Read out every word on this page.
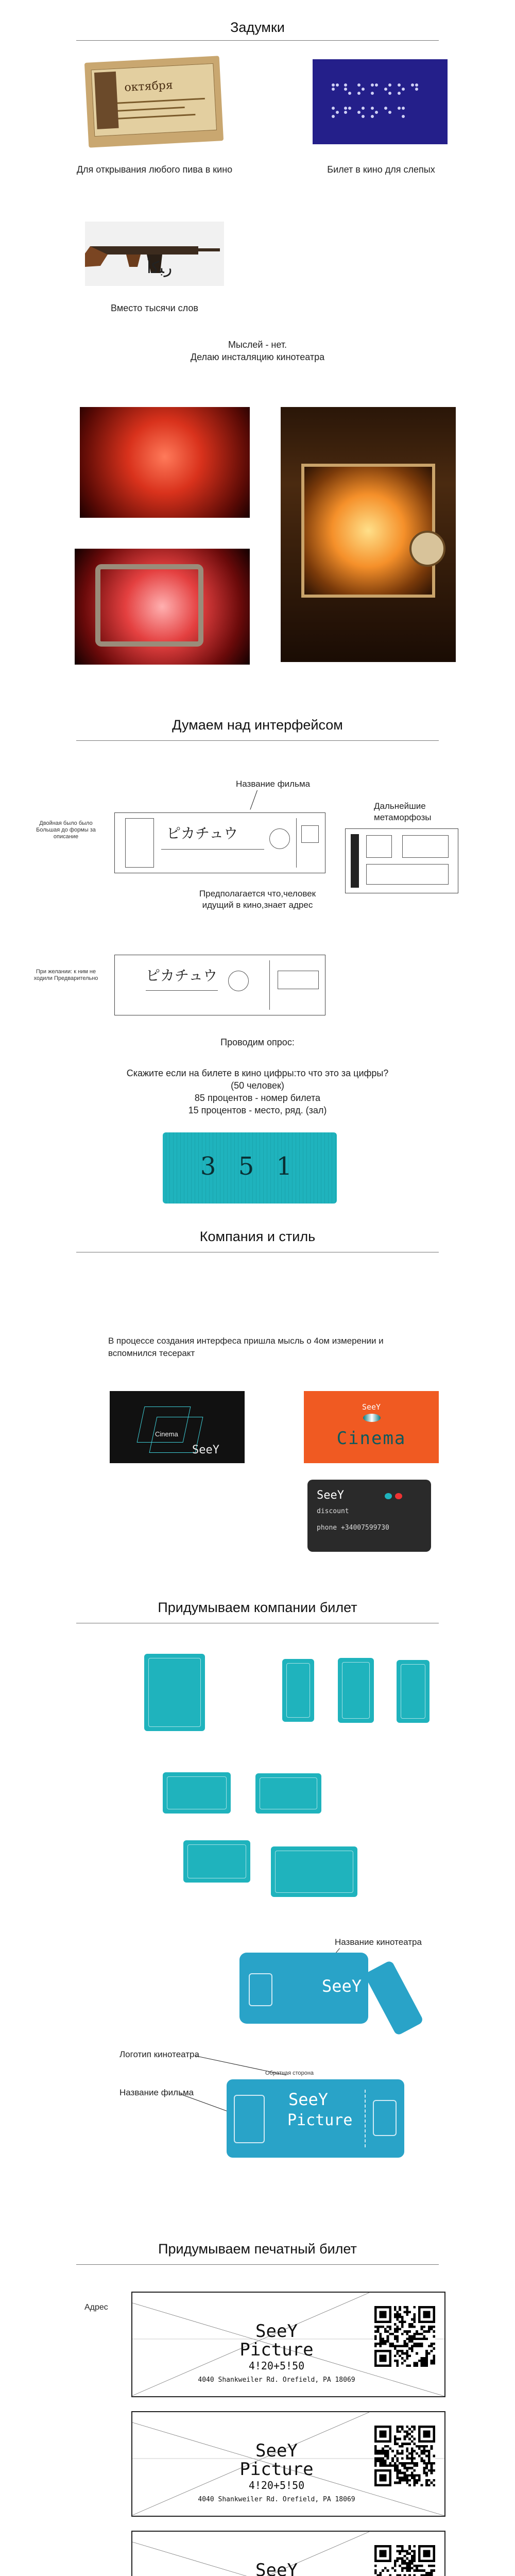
Задумки
октября
Для открывания любого пива в кино	Билет в кино для слепых
ﺭﺒﻛﺃ
Вместо тысячи слов
Мыслей - нет.
Делаю инсталяцию кинотеатра
Думаем над интерфейсом
Название фильма
Двойная было было Большая до формы за описание
При желании: к ним не ходили Предварительно
ピカチュウ
Предполагается что,человек
идущий в кино,знает адрес
Дальнейшие
метаморфозы
ピカチュウ
Проводим опрос:
Скажите если на билете в кино цифры:то что это за цифры?
(50 человек)
85 процентов - номер билета
15 процентов - место, ряд. (зал)
3 5 1
Компания и стиль
В процессе создания интерфеса пришла мысль о 4ом измерении и
вспомнился тесеракт
Cinema
SeeY
SeeY
Cinema
SeeY
discount
phone +34007599730
Придумываем компании билет
Название кинотеатра
SeeY
Логотип кинотеатра
Обратная сторона
Название фильма	SeeY
Picture
Придумываем печатный билет
Адрес
SeeY
Picture
4!20+5!50
4040 Shankweiler Rd. Orefield, PA 18069
SeeY
Picture
4!20+5!50
4040 Shankweiler Rd. Orefield, PA 18069
SeeY
